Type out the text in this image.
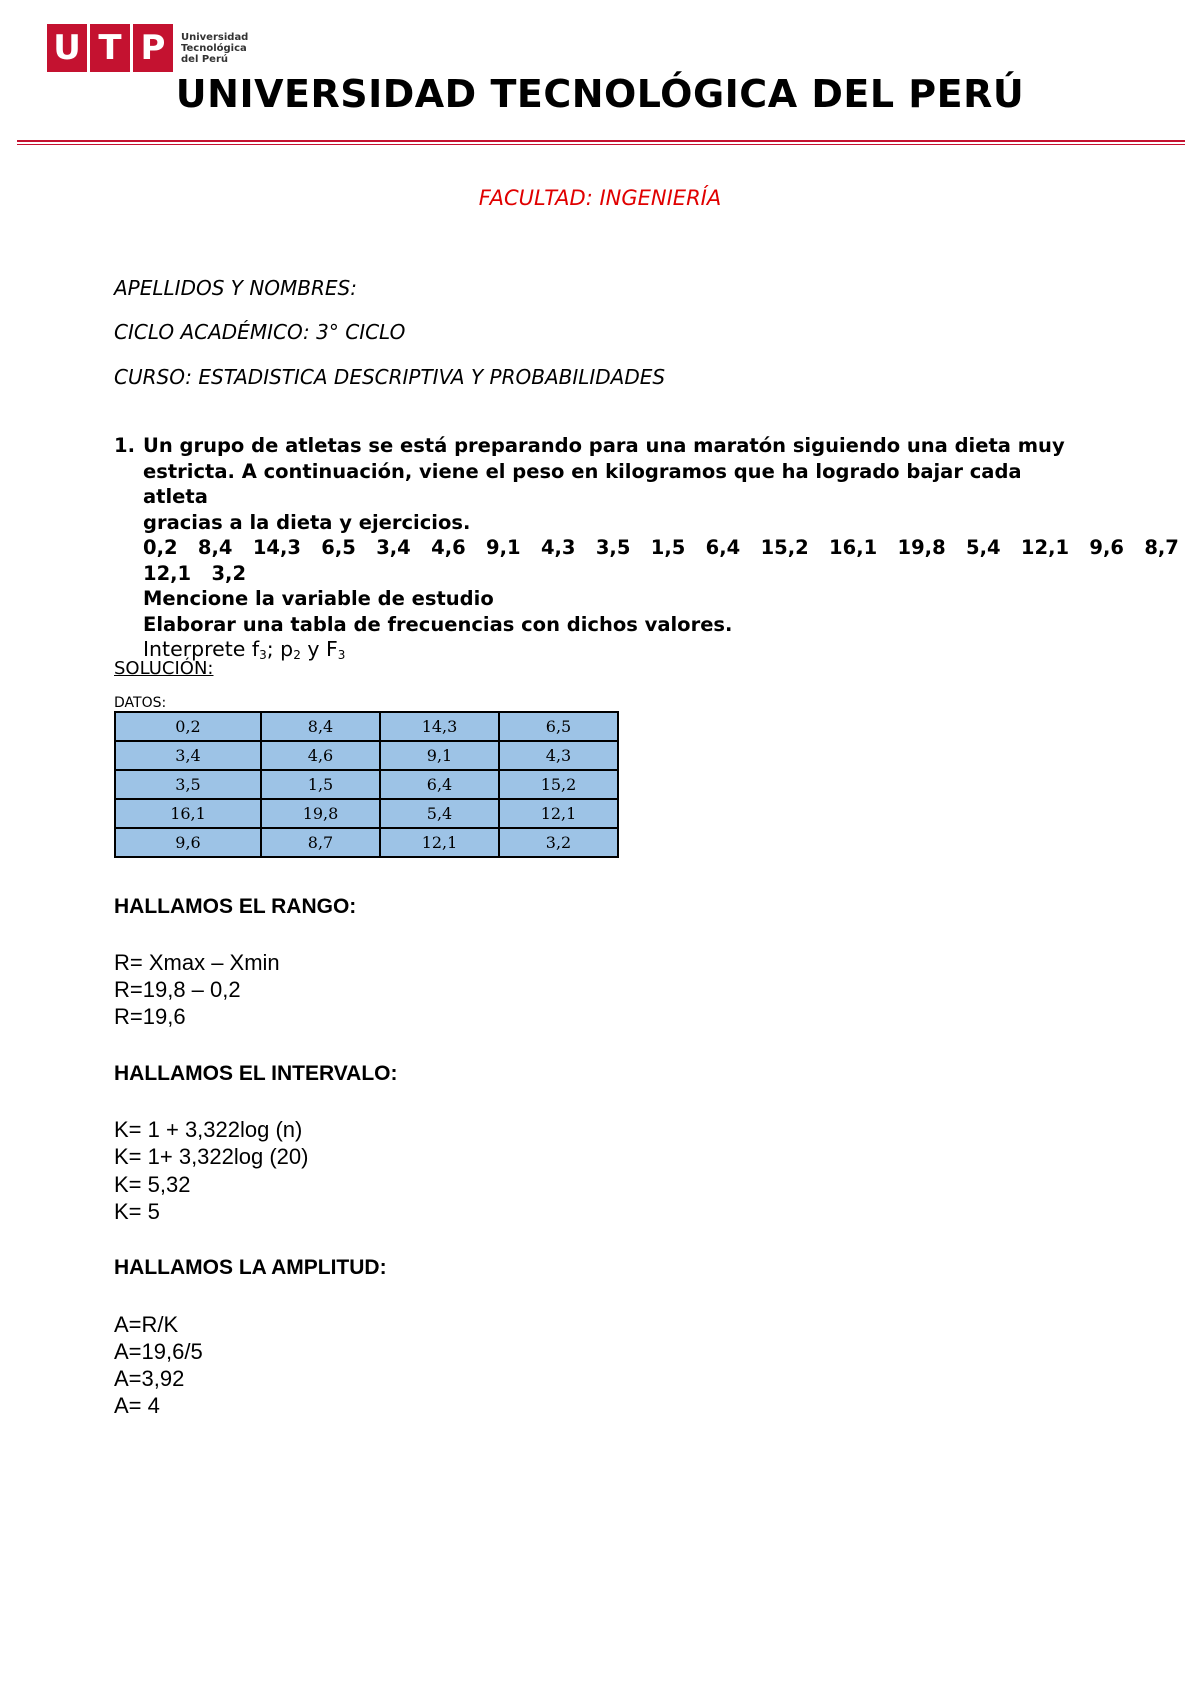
U T P	Universidad
Tecnológica
del Perú
UNIVERSIDAD TECNOLÓGICA DEL PERÚ
FACULTAD: INGENIERÍA
APELLIDOS Y NOMBRES:
CICLO ACADÉMICO: 3° CICLO
CURSO: ESTADISTICA DESCRIPTIVA Y PROBABILIDADES
1. Un grupo de atletas se está preparando para una maratón siguiendo una dieta muy
estricta. A continuación, viene el peso en kilogramos que ha logrado bajar cada atleta
gracias a la dieta y ejercicios.
0,2   8,4   14,3   6,5   3,4   4,6   9,1   4,3   3,5   1,5   6,4   15,2   16,1   19,8   5,4   12,1   9,6   8,7
12,1   3,2
Mencione la variable de estudio
Elaborar una tabla de frecuencias con dichos valores.
Interprete $f_3$; $p_2$ y $F_3$
SOLUCIÓN:
DATOS:
0,2	8,4	14,3	6,5
3,4	4,6	9,1	4,3
3,5	1,5	6,4	15,2
16,1	19,8	5,4	12,1
9,6	8,7	12,1	3,2
HALLAMOS EL RANGO:
R= Xmax – Xmin
R=19,8 – 0,2
R=19,6
HALLAMOS EL INTERVALO:
K= 1 + 3,322log (n)
K= 1+ 3,322log (20)
K= 5,32
K= 5
HALLAMOS LA AMPLITUD:
A=R/K
A=19,6/5
A=3,92
A= 4
